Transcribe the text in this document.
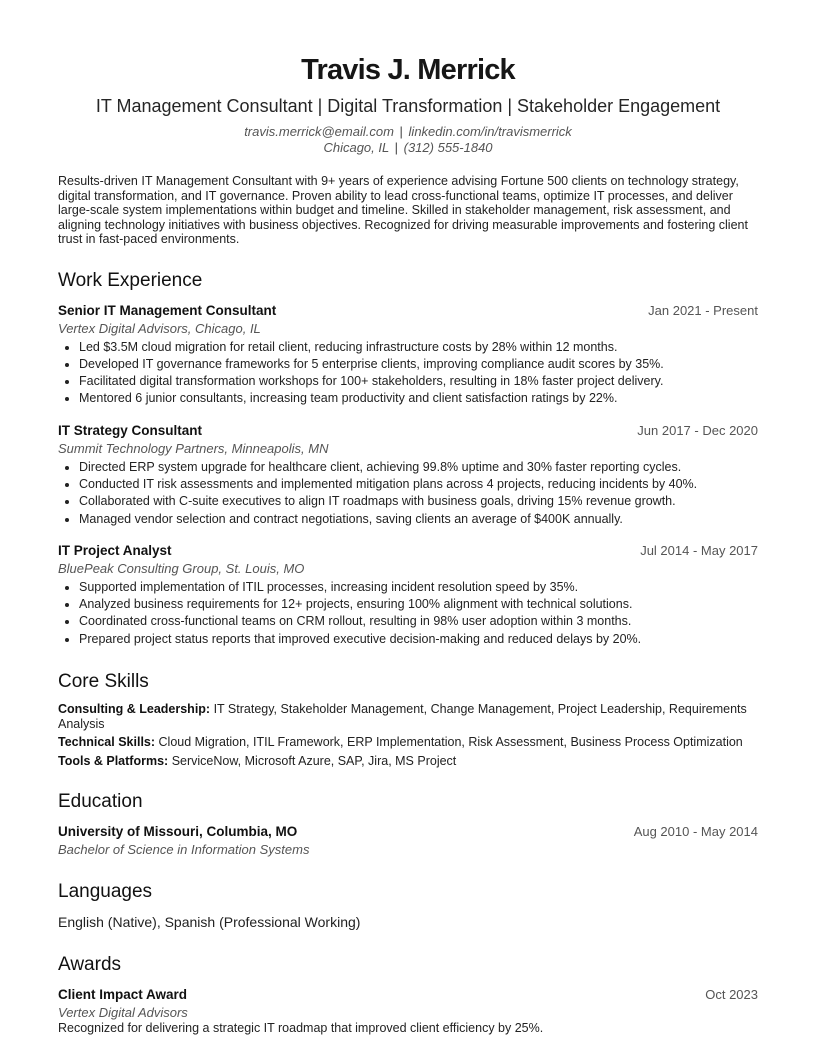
Travis J. Merrick
IT Management Consultant | Digital Transformation | Stakeholder Engagement
travis.merrick@email.com | linkedin.com/in/travismerrick
Chicago, IL | (312) 555-1840

Results-driven IT Management Consultant with 9+ years of experience advising Fortune 500 clients on technology strategy, digital transformation, and IT governance. Proven ability to lead cross-functional teams, optimize IT processes, and deliver large-scale system implementations within budget and timeline. Skilled in stakeholder management, risk assessment, and aligning technology initiatives with business objectives. Recognized for driving measurable improvements and fostering client trust in fast-paced environments.

Work Experience
Senior IT Management Consultant	Jan 2021 - Present
Vertex Digital Advisors, Chicago, IL
• Led $3.5M cloud migration for retail client, reducing infrastructure costs by 28% within 12 months.
• Developed IT governance frameworks for 5 enterprise clients, improving compliance audit scores by 35%.
• Facilitated digital transformation workshops for 100+ stakeholders, resulting in 18% faster project delivery.
• Mentored 6 junior consultants, increasing team productivity and client satisfaction ratings by 22%.
IT Strategy Consultant	Jun 2017 - Dec 2020
Summit Technology Partners, Minneapolis, MN
• Directed ERP system upgrade for healthcare client, achieving 99.8% uptime and 30% faster reporting cycles.
• Conducted IT risk assessments and implemented mitigation plans across 4 projects, reducing incidents by 40%.
• Collaborated with C-suite executives to align IT roadmaps with business goals, driving 15% revenue growth.
• Managed vendor selection and contract negotiations, saving clients an average of $400K annually.
IT Project Analyst	Jul 2014 - May 2017
BluePeak Consulting Group, St. Louis, MO
• Supported implementation of ITIL processes, increasing incident resolution speed by 35%.
• Analyzed business requirements for 12+ projects, ensuring 100% alignment with technical solutions.
• Coordinated cross-functional teams on CRM rollout, resulting in 98% user adoption within 3 months.
• Prepared project status reports that improved executive decision-making and reduced delays by 20%.
Core Skills
Consulting & Leadership: IT Strategy, Stakeholder Management, Change Management, Project Leadership, Requirements Analysis
Technical Skills: Cloud Migration, ITIL Framework, ERP Implementation, Risk Assessment, Business Process Optimization
Tools & Platforms: ServiceNow, Microsoft Azure, SAP, Jira, MS Project
Education
University of Missouri, Columbia, MO	Aug 2010 - May 2014
Bachelor of Science in Information Systems
Languages
English (Native), Spanish (Professional Working)
Awards
Client Impact Award	Oct 2023
Vertex Digital Advisors
Recognized for delivering a strategic IT roadmap that improved client efficiency by 25%.
